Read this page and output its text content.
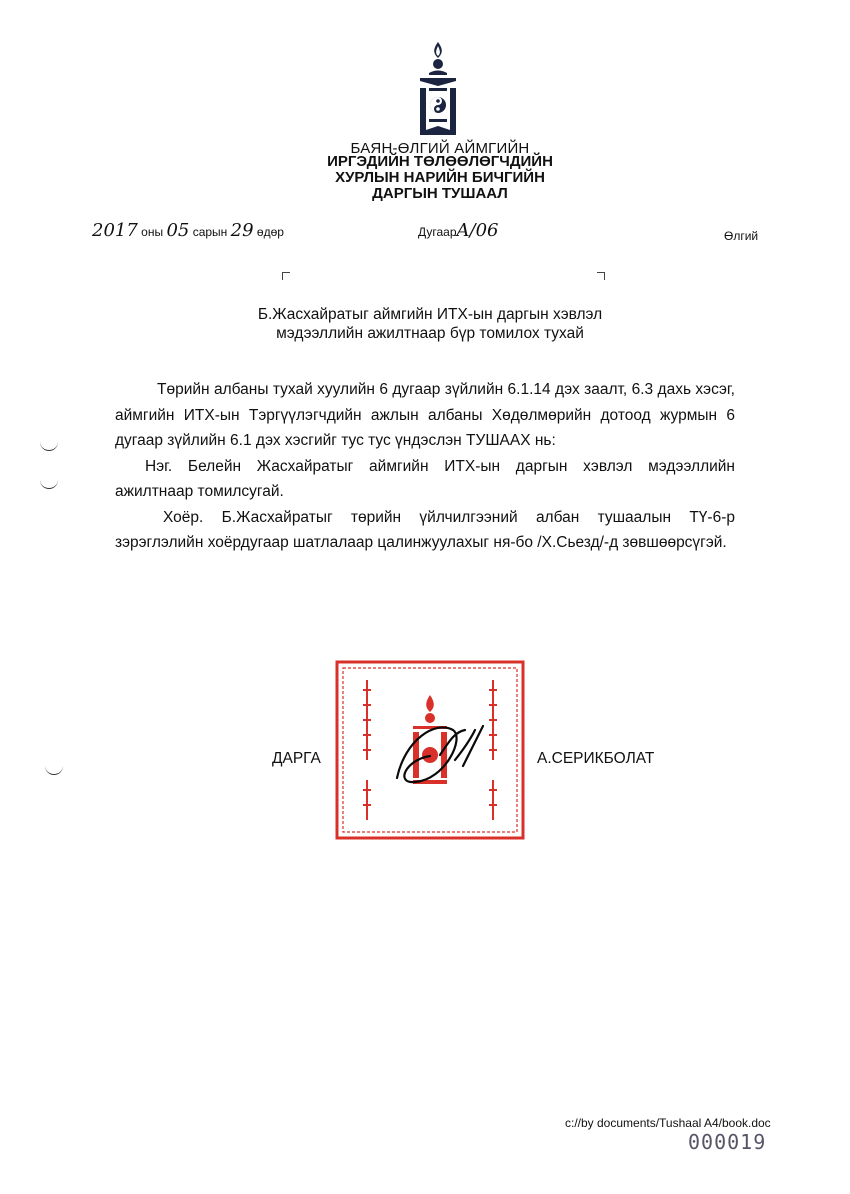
БАЯН-ӨЛГИЙ АЙМГИЙН
ИРГЭДИЙН ТӨЛӨӨЛӨГЧДИЙН
ХУРЛЫН НАРИЙН БИЧГИЙН
ДАРГЫН ТУШААЛ
2017 оны 05 сарын 29 өдөр	ДугаарA/06	Өлгий
Б.Жасхайратыг аймгийн ИТХ-ын даргын хэвлэл
мэдээллийн ажилтнаар бүр томилох тухай

Төрийн албаны тухай хуулийн 6 дугаар зүйлийн 6.1.14 дэх заалт, 6.3 дахь хэсэг, аймгийн ИТХ-ын Тэргүүлэгчдийн ажлын албаны Хөдөлмөрийн дотоод журмын 6 дугаар зүйлийн 6.1 дэх хэсгийг тус тус үндэслэн ТУШААХ нь:

Нэг. Белейн Жасхайратыг аймгийн ИТХ-ын даргын хэвлэл мэдээллийн ажилтнаар томилсугай.

Хоёр. Б.Жасхайратыг төрийн үйлчилгээний албан тушаалын ТҮ-6-р зэрэглэлийн хоёрдугаар шатлалаар цалинжуулахыг ня-бо /Х.Сьезд/-д зөвшөөрсүгэй.

ДАРГА	А.СЕРИКБОЛАТ
c://by documents/Tushaal A4/book.doc
000019
